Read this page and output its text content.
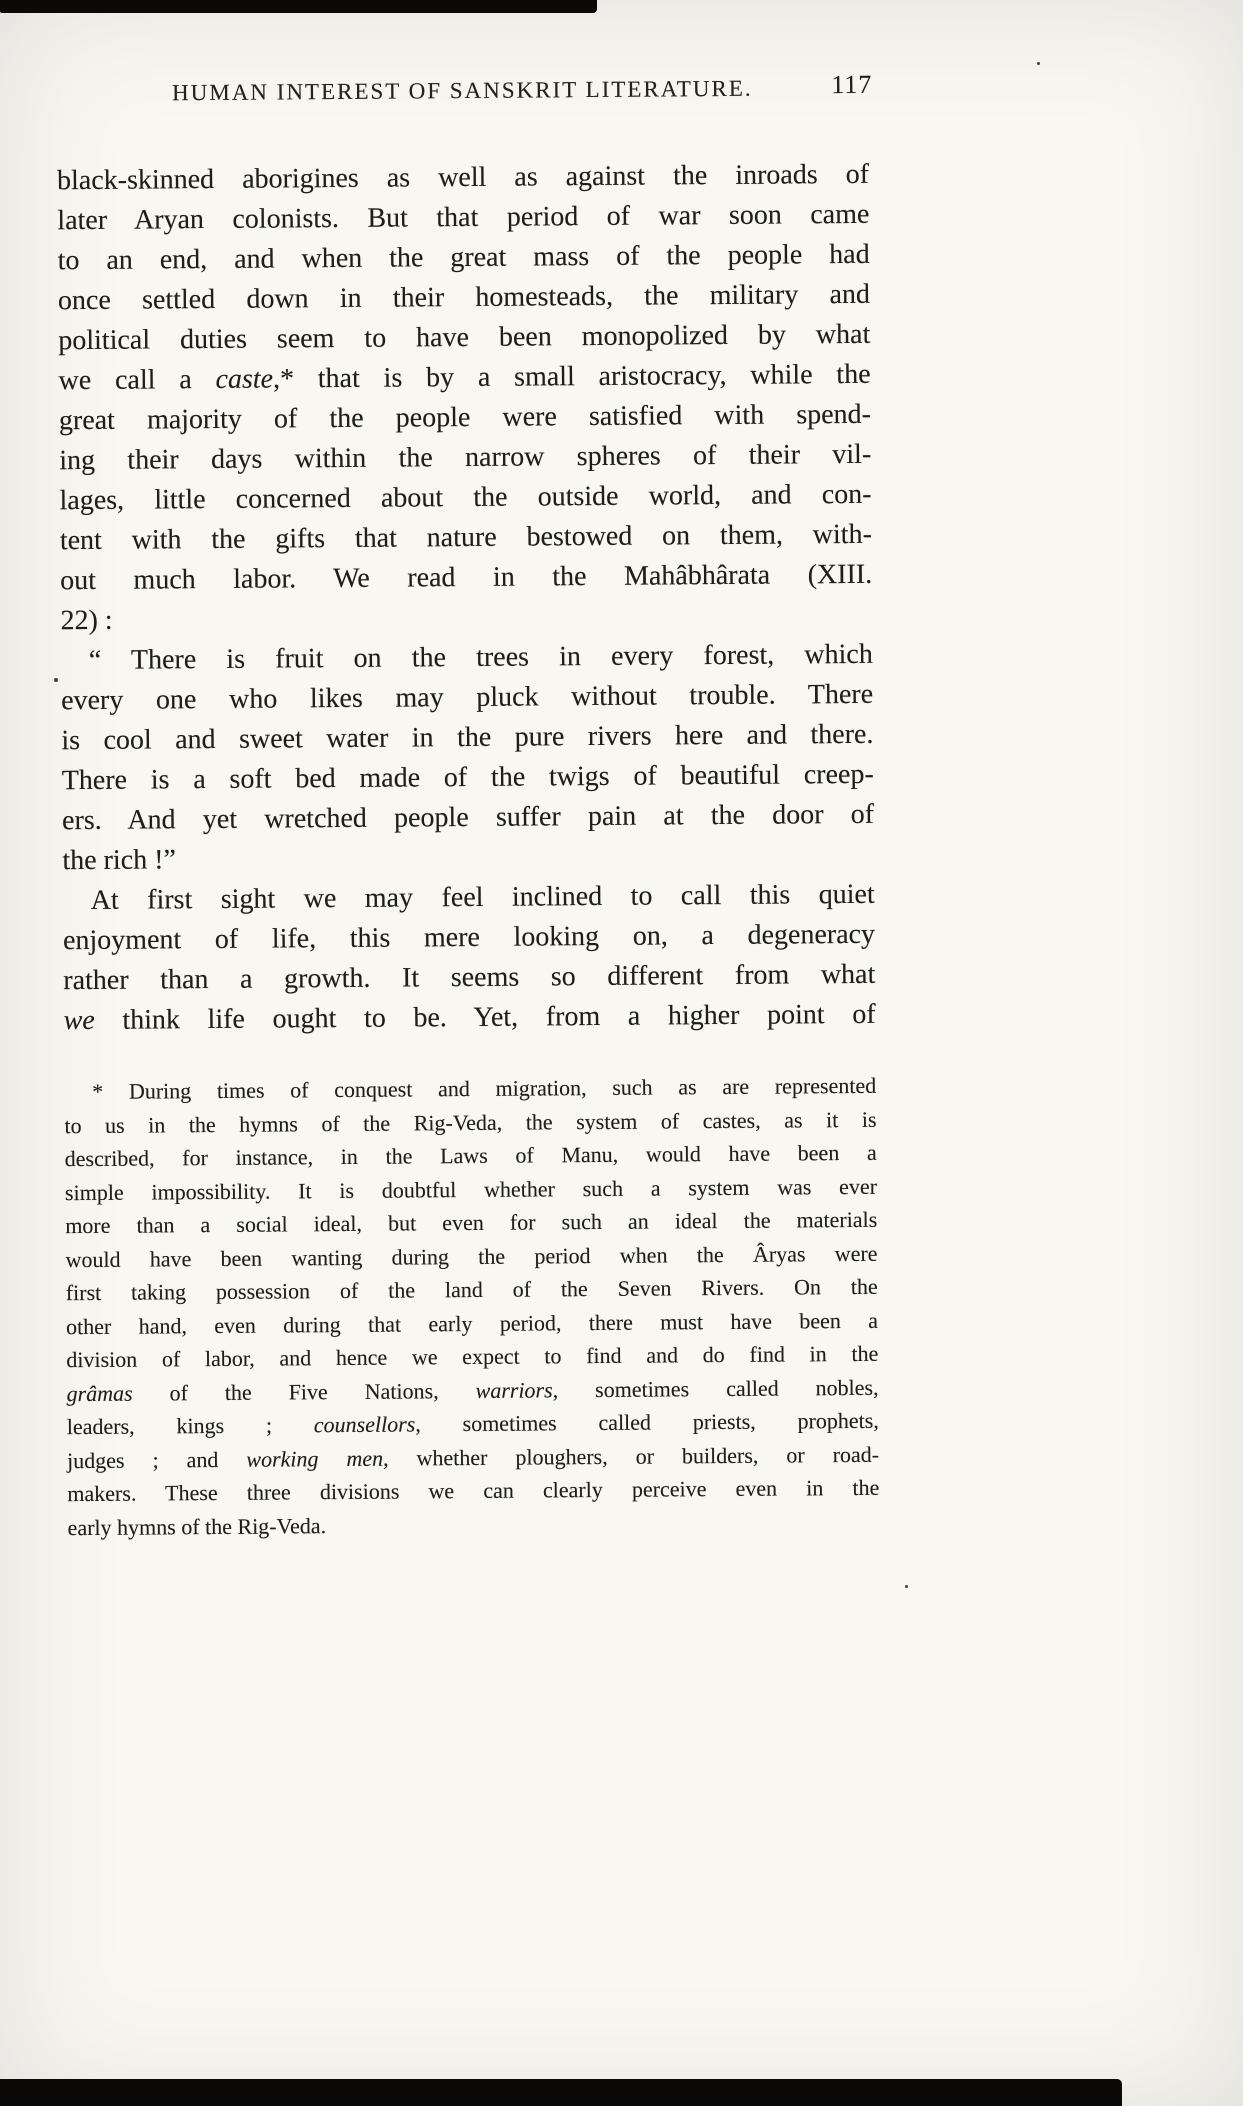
HUMAN INTEREST OF SANSKRIT LITERATURE.	117
black-skinned aborigines as well as against the inroads of
later Aryan colonists. But that period of war soon came
to an end, and when the great mass of the people had
once settled down in their homesteads, the military and
political duties seem to have been monopolized by what
we call a caste,* that is by a small aristocracy, while the
great majority of the people were satisfied with spend-
ing their days within the narrow spheres of their vil-
lages, little concerned about the outside world, and con-
tent with the gifts that nature bestowed on them, with-
out much labor. We read in the Mahâbhârata (XIII.
22) :
“ There is fruit on the trees in every forest, which
every one who likes may pluck without trouble. There
is cool and sweet water in the pure rivers here and there.
There is a soft bed made of the twigs of beautiful creep-
ers. And yet wretched people suffer pain at the door of
the rich !”
At first sight we may feel inclined to call this quiet
enjoyment of life, this mere looking on, a degeneracy
rather than a growth. It seems so different from what
we think life ought to be. Yet, from a higher point of
* During times of conquest and migration, such as are represented
to us in the hymns of the Rig-Veda, the system of castes, as it is
described, for instance, in the Laws of Manu, would have been a
simple impossibility. It is doubtful whether such a system was ever
more than a social ideal, but even for such an ideal the materials
would have been wanting during the period when the Âryas were
first taking possession of the land of the Seven Rivers. On the
other hand, even during that early period, there must have been a
division of labor, and hence we expect to find and do find in the
grâmas of the Five Nations, warriors, sometimes called nobles,
leaders, kings ; counsellors, sometimes called priests, prophets,
judges ; and working men, whether ploughers, or builders, or road-
makers. These three divisions we can clearly perceive even in the
early hymns of the Rig-Veda.
